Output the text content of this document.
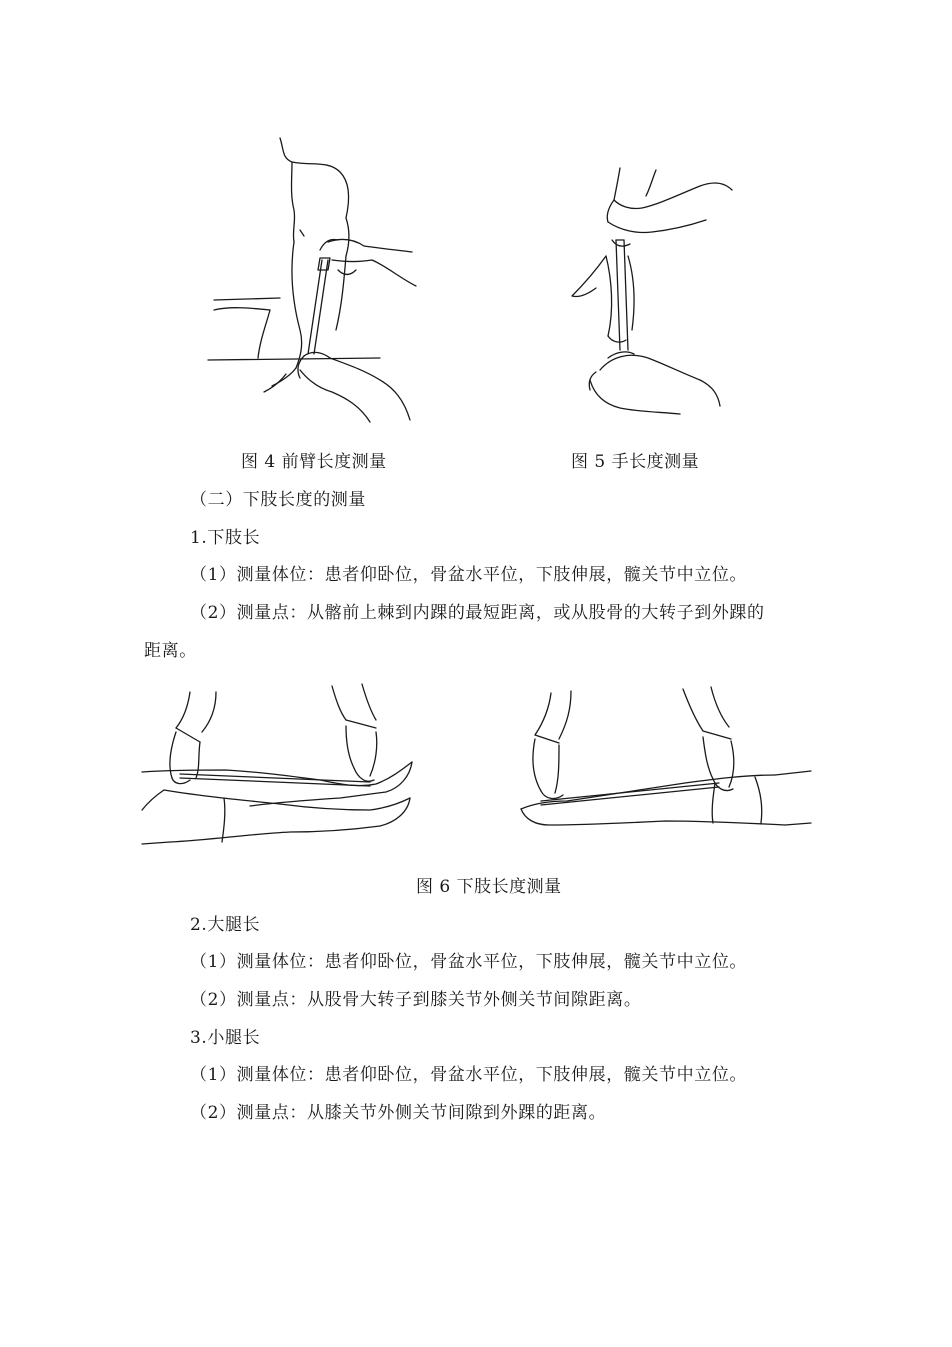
图 4 前臂长度测量	图 5 手长度测量
（二）下肢长度的测量
1.下肢长
（1）测量体位：患者仰卧位，骨盆水平位，下肢伸展，髋关节中立位。
（2）测量点：从髂前上棘到内踝的最短距离，或从股骨的大转子到外踝的
距离。
图 6 下肢长度测量
2.大腿长
（1）测量体位：患者仰卧位，骨盆水平位，下肢伸展，髋关节中立位。
（2）测量点：从股骨大转子到膝关节外侧关节间隙距离。
3.小腿长
（1）测量体位：患者仰卧位，骨盆水平位，下肢伸展，髋关节中立位。
（2）测量点：从膝关节外侧关节间隙到外踝的距离。
